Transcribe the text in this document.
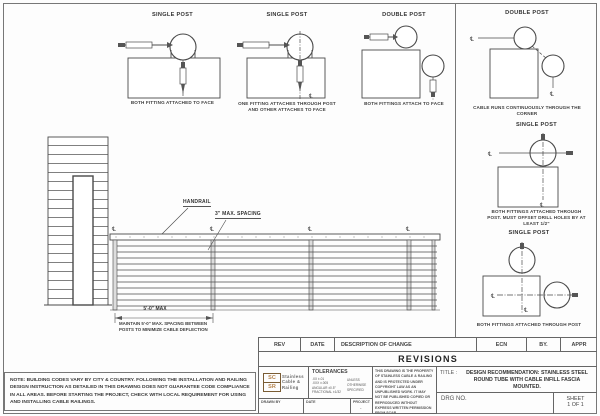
SINGLE POST
BOTH FITTING ATTACHED TO FACE
SINGLE POST
℄
ONE FITTING ATTACHES THROUGH POST AND OTHER ATTACHES TO FACE
DOUBLE POST
BOTH FITTINGS ATTACH TO FACE
DOUBLE POST
℄
℄
CABLE RUNS CONTINUOUSLY THROUGH THE CORNER
SINGLE POST
℄
℄
BOTH FITTINGS ATTACHED THROUGH POST. MUST OFFSET DRILL HOLES BY AT LEAST 1/2"
SINGLE POST
℄
℄
BOTH FITTINGS ATTACHED THROUGH POST
℄	℄	℄	℄
HANDRAIL
3" MAX. SPACING
5'-0" MAX
MAINTAIN 5'-0" MAX. SPACING BETWEEN POSTS TO MINIMIZE CABLE DEFLECTION
NOTE: BUILDING CODES VARY BY CITY & COUNTRY. FOLLOWING THE INSTALLATION AND RAILING DESIGN INSTRUCTION AS DETAILED IN THIS DRAWING DOES NOT GUARANTEE CODE COMPLIANCE IN ALL AREAS. BEFORE STARTING THE PROJECT, CHECK WITH LOCAL REQUIREMENT FOR USING AND INSTALLING CABLE RAILINGS.
REV	DATE	DESCRIPTION OF CHANGE	ECN	BY.	APPR
REVISIONS
SC
SR
Stainless
Cable &
Railing
TOLERANCES
.XX ±.01
.XXX ±.005
ANGULAR ±0.5°
FRACTIONAL ±1/32
UNLESS OTHERWISE SPECIFIED
THIS DRAWING IS THE PROPERTY OF STAINLESS CABLE & RAILING AND IS PROTECTED UNDER COPYRIGHT LAW AS AN UNPUBLISHED WORK. IT MAY NOT BE PUBLISHED COPIED OR REPRODUCED WITHOUT EXPRESS WRITTEN PERMISSION FROM SC&R
TITLE :	DESIGN RECOMMENDATION: STAINLESS STEEL ROUND TUBE WITH CABLE INFILL FASCIA MOUNTED.
DRG NO.	SHEET
1 OF 1
DRAWN BY	DATE	PROJECT
-
